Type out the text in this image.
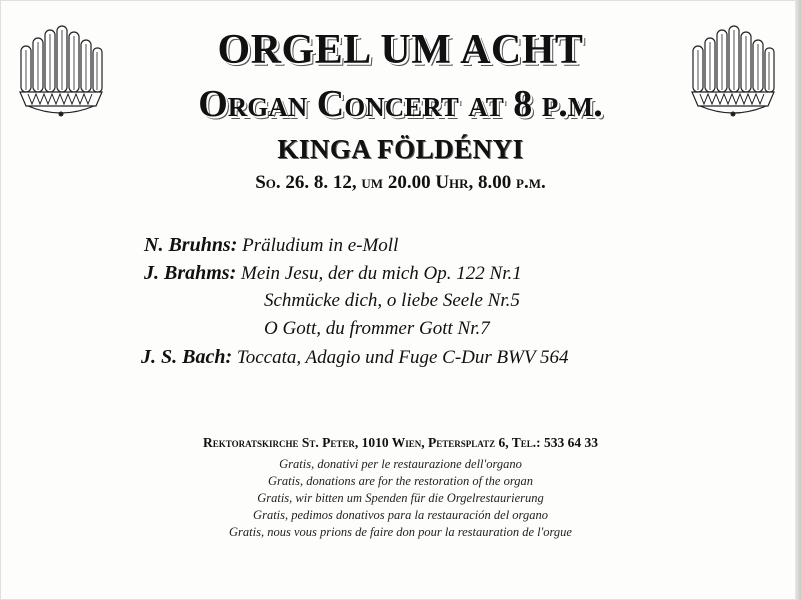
ORGEL UM ACHT
Organ Concert at 8 p.m.
KINGA FÖLDÉNYI
So. 26. 8. 12, um 20.00 Uhr, 8.00 p.m.
N. Bruhns: Präludium in e-Moll
J. Brahms: Mein Jesu, der du mich Op. 122 Nr.1
Schmücke dich, o liebe Seele Nr.5
O Gott, du frommer Gott Nr.7
J. S. Bach: Toccata, Adagio und Fuge C-Dur BWV 564
Rektoratskirche St. Peter, 1010 Wien, Petersplatz 6, Tel.: 533 64 33
Gratis, donativi per le restaurazione dell'organo
Gratis, donations are for the restoration of the organ
Gratis, wir bitten um Spenden für die Orgelrestaurierung
Gratis, pedimos donativos para la restauración del organo
Gratis, nous vous prions de faire don pour la restauration de l'orgue
